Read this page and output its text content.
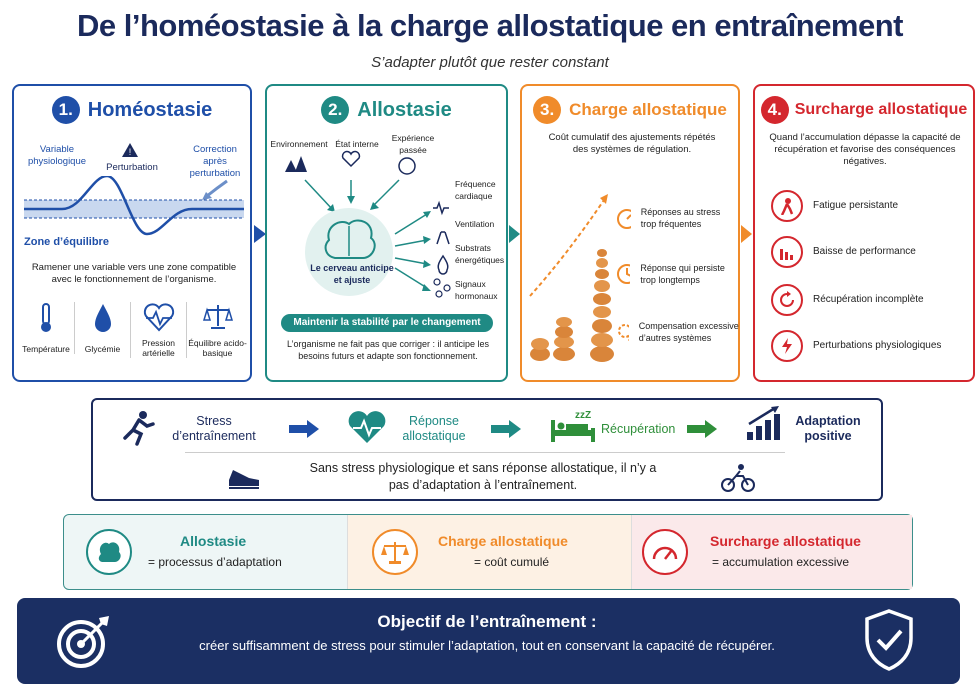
De l’homéostasie à la charge allostatique en entraînement
S’adapter plutôt que rester constant
1. Homéostasie
Variable physiologique
!
Perturbation
Correction après perturbation
Zone d’équilibre
Ramener une variable vers une zone compatible avec le fonctionnement de l’organisme.
Température	Glycémie
Pression artérielle
Équilibre acido-basique
2. Allostasie
Environnement État interne
Expérience passée
Le cerveau anticipe et ajuste
Fréquence cardiaque
Ventilation
Substrats énergétiques
Signaux hormonaux
Maintenir la stabilité par le changement
L’organisme ne fait pas que corriger : il anticipe les besoins futurs et adapte son fonctionnement.
3. Charge allostatique
Coût cumulatif des ajustements répétés des systèmes de régulation.
Réponses au stress trop fréquentes
Réponse qui persiste trop longtemps
Compensation excessive d’autres systèmes
4. Surcharge allostatique
Quand l’accumulation dépasse la capacité de récupération et favorise des conséquences négatives.
Fatigue persistante
Baisse de performance
Récupération incomplète
Perturbations physiologiques
Stress d’entraînement
Réponse allostatique
zzZ
Récupération
Adaptation positive
Sans stress physiologique et sans réponse allostatique, il n’y a pas d’adaptation à l’entraînement.
Allostasie
= processus d’adaptation
Charge allostatique
= coût cumulé
Surcharge allostatique
= accumulation excessive
Objectif de l’entraînement :
créer suffisamment de stress pour stimuler l’adaptation, tout en conservant la capacité de récupérer.
